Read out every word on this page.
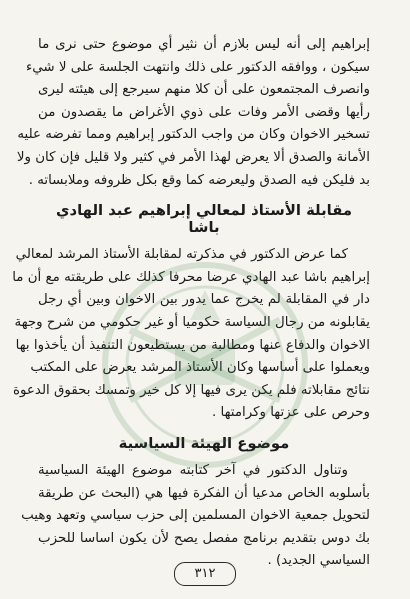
إبراهيم إلى أنه ليس بلازم أن نثير أي موضوع حتى نرى ما
سيكون ، ووافقه الدكتور على ذلك وانتهت الجلسة على لا شيء
وانصرف المجتمعون على أن كلا منهم سيرجع إلى هيئته ليرى
رأيها وقضى الأمر وفات على ذوي الأغراض ما يقصدون من
تسخير الاخوان وكان من واجب الدكتور إبراهيم ومما تفرضه عليه
الأمانة والصدق ألا يعرض لهذا الأمر في كثير ولا قليل فإن كان ولا
بد فليكن فيه الصدق وليعرضه كما وقع بكل ظروفه وملابساته .

مقابلة الأستاذ لمعالي إبراهيم عبد الهادي باشا

كما عرض الدكتور في مذكرته لمقابلة الأستاذ المرشد لمعالي
إبراهيم باشا عبد الهادي عرضا محرفا كذلك على طريقته مع أن ما
دار في المقابلة لم يخرج عما يدور بين الاخوان وبين أي رجل
يقابلونه من رجال السياسة حكوميا أو غير حكومي من شرح وجهة
الاخوان والدفاع عنها ومطالبة من يستطيعون التنفيذ أن يأخذوا بها
ويعملوا على أساسها وكان الأستاذ المرشد يعرض على المكتب
نتائج مقابلاته فلم يكن يرى فيها إلا كل خير وتمسك بحقوق الدعوة
وحرص على عزتها وكرامتها .

موضوع الهيئة السياسية

وتناول الدكتور في آخر كتابته موضوع الهيئة السياسية
بأسلوبه الخاص مدعيا أن الفكرة فيها هي (البحث عن طريقة
لتحويل جمعية الاخوان المسلمين إلى حزب سياسي وتعهد وهيب
بك دوس بتقديم برنامج مفصل يصح لأن يكون اساسا للحزب
السياسي الجديد) .

٣١٢
